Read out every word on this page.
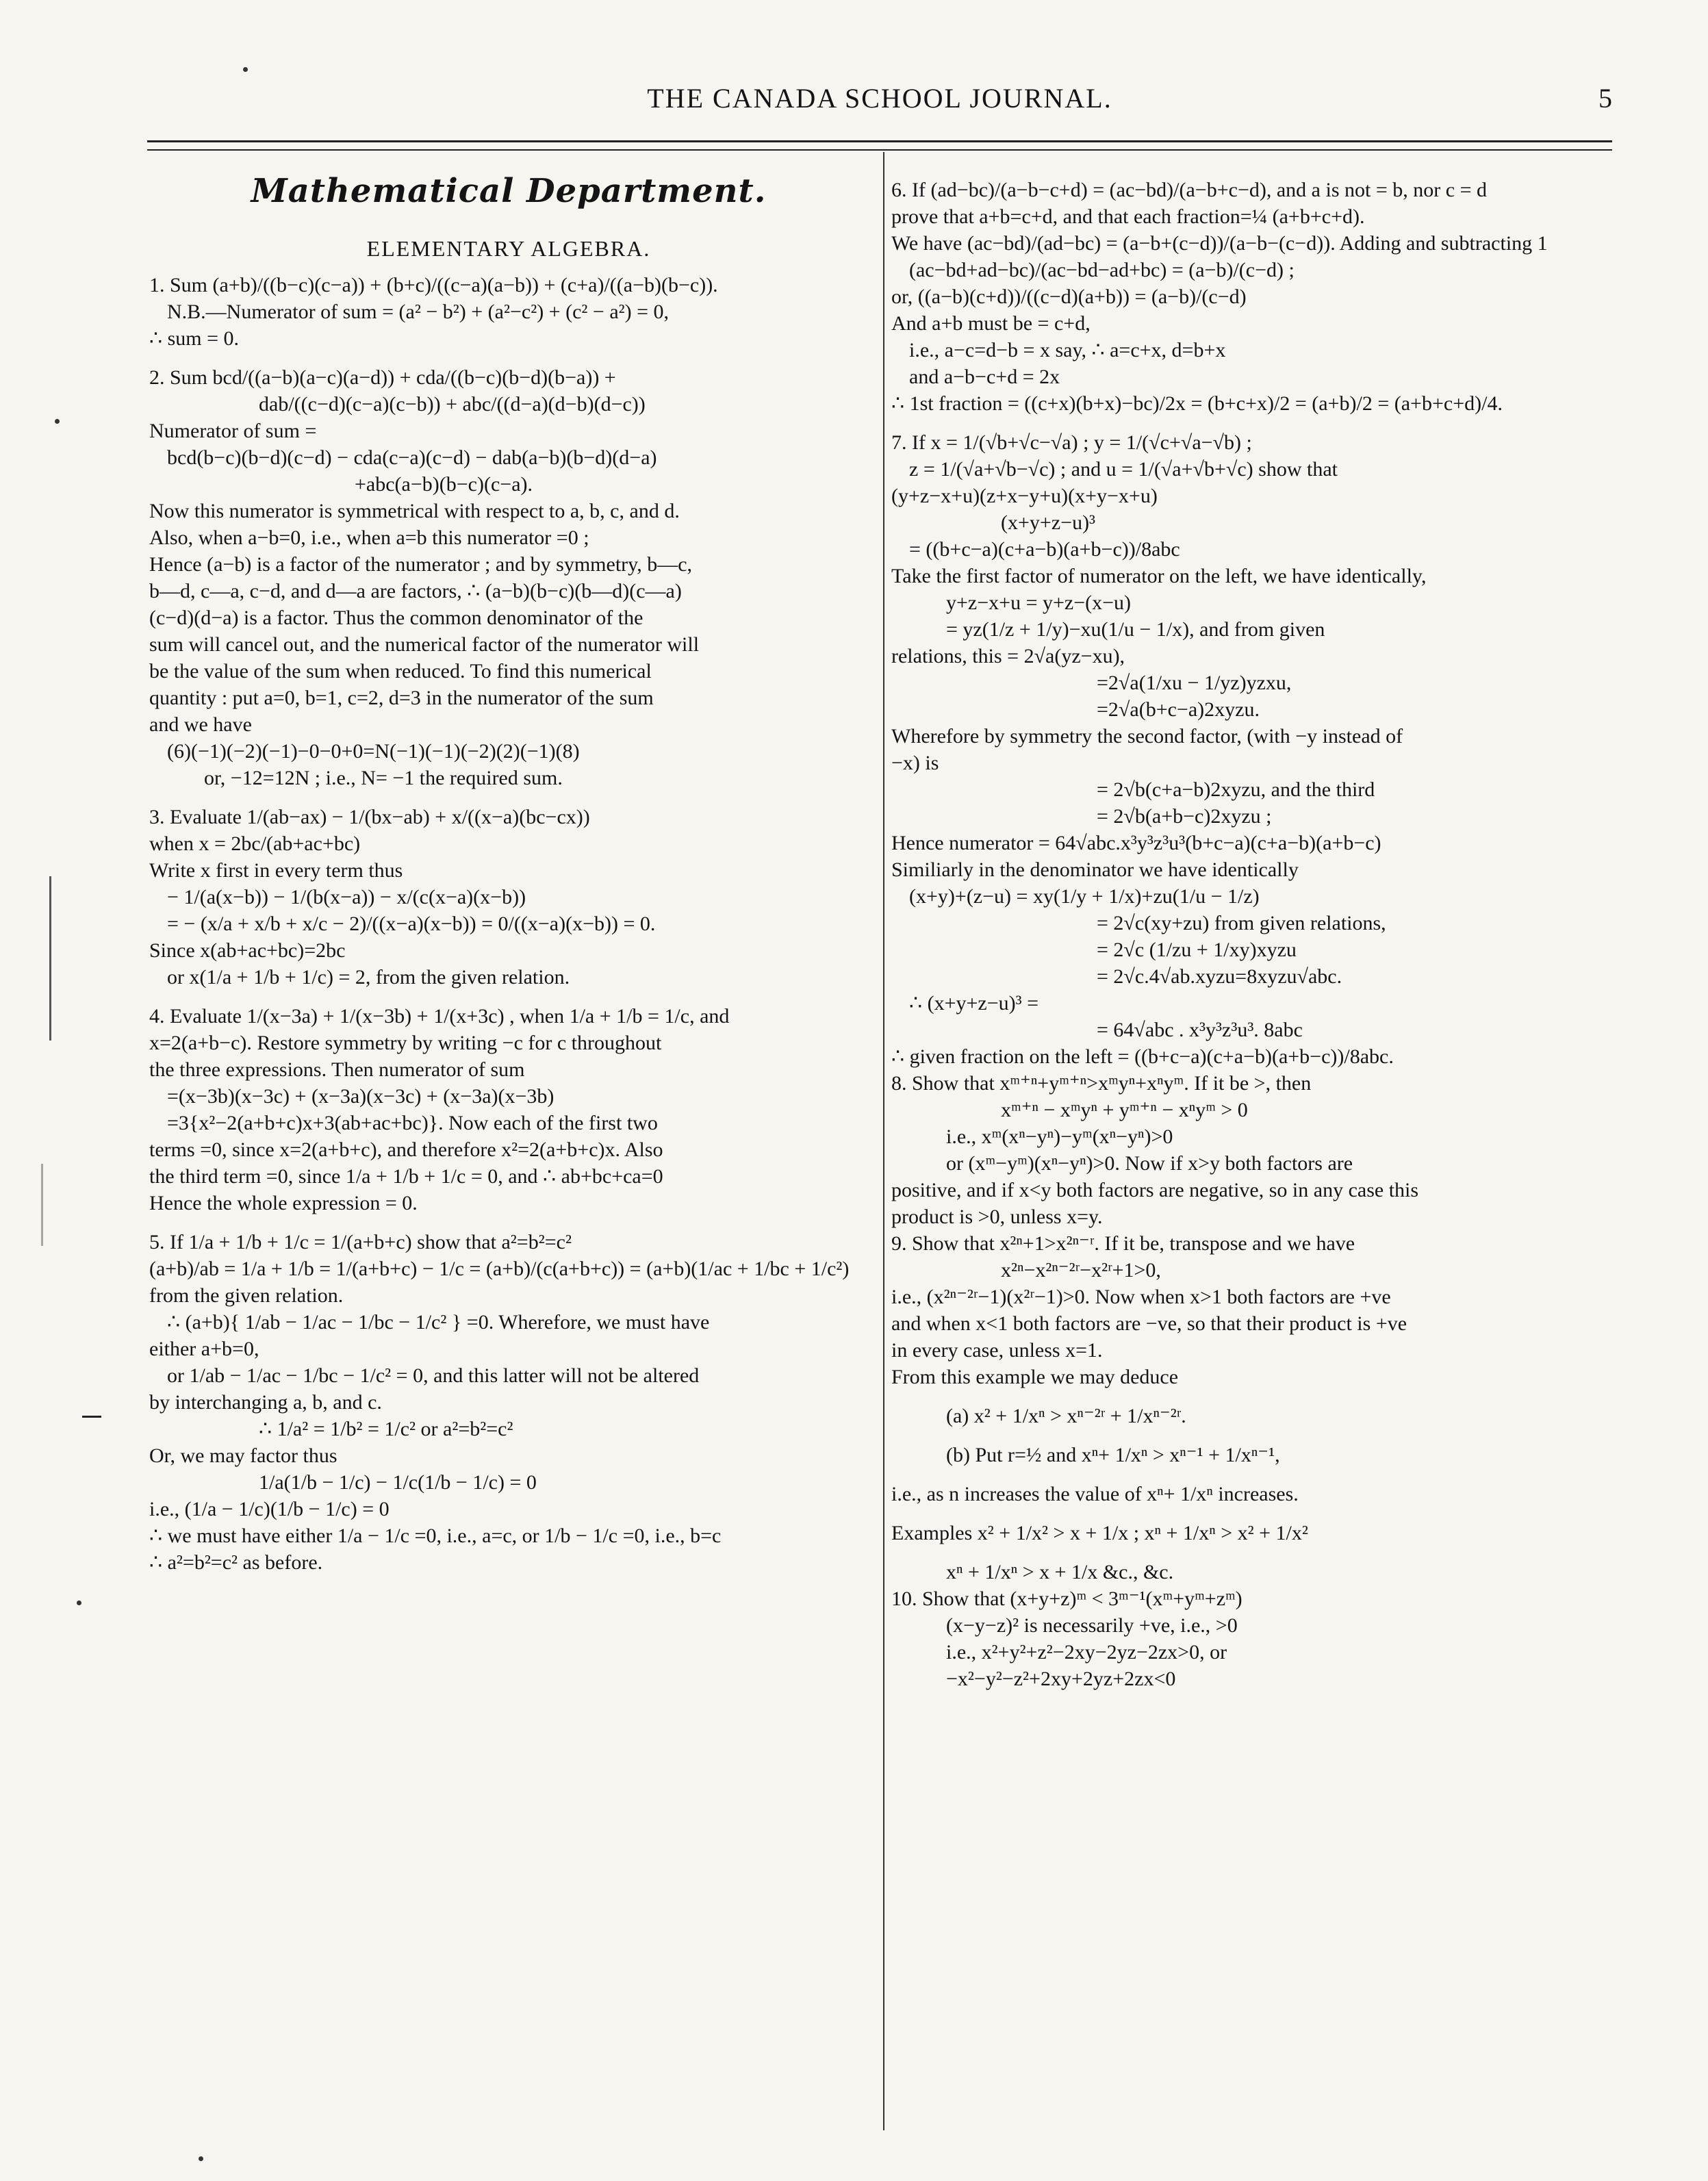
THE CANADA SCHOOL JOURNAL.	5
Mathematical Department.
ELEMENTARY ALGEBRA.
1. Sum (a+b)/((b−c)(c−a)) + (b+c)/((c−a)(a−b)) + (c+a)/((a−b)(b−c)).
N.B.—Numerator of sum = (a² − b²) + (a²−c²) + (c² − a²) = 0,
∴ sum = 0.
2. Sum bcd/((a−b)(a−c)(a−d)) + cda/((b−c)(b−d)(b−a)) +
dab/((c−d)(c−a)(c−b)) + abc/((d−a)(d−b)(d−c))
Numerator of sum =
bcd(b−c)(b−d)(c−d) − cda(c−a)(c−d) − dab(a−b)(b−d)(d−a)
+abc(a−b)(b−c)(c−a).
Now this numerator is symmetrical with respect to a, b, c, and d.
Also, when a−b=0, i.e., when a=b this numerator =0 ;
Hence (a−b) is a factor of the numerator ; and by symmetry, b—c,
b—d, c—a, c−d, and d—a are factors, ∴ (a−b)(b−c)(b—d)(c—a)
(c−d)(d−a) is a factor. Thus the common denominator of the
sum will cancel out, and the numerical factor of the numerator will
be the value of the sum when reduced. To find this numerical
quantity : put a=0, b=1, c=2, d=3 in the numerator of the sum
and we have
(6)(−1)(−2)(−1)−0−0+0=N(−1)(−1)(−2)(2)(−1)(8)
or, −12=12N ; i.e., N= −1 the required sum.
3. Evaluate 1/(ab−ax) − 1/(bx−ab) + x/((x−a)(bc−cx))
when x = 2bc/(ab+ac+bc)
Write x first in every term thus
− 1/(a(x−b)) − 1/(b(x−a)) − x/(c(x−a)(x−b))
= − (x/a + x/b + x/c − 2)/((x−a)(x−b)) = 0/((x−a)(x−b)) = 0.
Since x(ab+ac+bc)=2bc
or x(1/a + 1/b + 1/c) = 2, from the given relation.
4. Evaluate 1/(x−3a) + 1/(x−3b) + 1/(x+3c) , when 1/a + 1/b = 1/c, and
x=2(a+b−c). Restore symmetry by writing −c for c throughout
the three expressions. Then numerator of sum
=(x−3b)(x−3c) + (x−3a)(x−3c) + (x−3a)(x−3b)
=3{x²−2(a+b+c)x+3(ab+ac+bc)}. Now each of the first two
terms =0, since x=2(a+b+c), and therefore x²=2(a+b+c)x. Also
the third term =0, since 1/a + 1/b + 1/c = 0, and ∴ ab+bc+ca=0
Hence the whole expression = 0.
5. If 1/a + 1/b + 1/c = 1/(a+b+c) show that a²=b²=c²
(a+b)/ab = 1/a + 1/b = 1/(a+b+c) − 1/c = (a+b)/(c(a+b+c)) = (a+b)(1/ac + 1/bc + 1/c²)
from the given relation.
∴ (a+b){ 1/ab − 1/ac − 1/bc − 1/c² } =0. Wherefore, we must have
either a+b=0,
or 1/ab − 1/ac − 1/bc − 1/c² = 0, and this latter will not be altered
by interchanging a, b, and c.
∴ 1/a² = 1/b² = 1/c² or a²=b²=c²
Or, we may factor thus
1/a(1/b − 1/c) − 1/c(1/b − 1/c) = 0
i.e., (1/a − 1/c)(1/b − 1/c) = 0
∴ we must have either 1/a − 1/c =0, i.e., a=c, or 1/b − 1/c =0, i.e., b=c
∴ a²=b²=c² as before.
6. If (ad−bc)/(a−b−c+d) = (ac−bd)/(a−b+c−d), and a is not = b, nor c = d
prove that a+b=c+d, and that each fraction=¼ (a+b+c+d).
We have (ac−bd)/(ad−bc) = (a−b+(c−d))/(a−b−(c−d)). Adding and subtracting 1
(ac−bd+ad−bc)/(ac−bd−ad+bc) = (a−b)/(c−d) ;
or, ((a−b)(c+d))/((c−d)(a+b)) = (a−b)/(c−d)
And a+b must be = c+d,
i.e., a−c=d−b = x say, ∴ a=c+x, d=b+x
and a−b−c+d = 2x
∴ 1st fraction = ((c+x)(b+x)−bc)/2x = (b+c+x)/2 = (a+b)/2 = (a+b+c+d)/4.
7. If x = 1/(√b+√c−√a) ; y = 1/(√c+√a−√b) ;
z = 1/(√a+√b−√c) ; and u = 1/(√a+√b+√c) show that
(y+z−x+u)(z+x−y+u)(x+y−x+u)
(x+y+z−u)³
= ((b+c−a)(c+a−b)(a+b−c))/8abc
Take the first factor of numerator on the left, we have identically,
y+z−x+u = y+z−(x−u)
= yz(1/z + 1/y)−xu(1/u − 1/x), and from given
relations, this = 2√a(yz−xu),
=2√a(1/xu − 1/yz)yzxu,
=2√a(b+c−a)2xyzu.
Wherefore by symmetry the second factor, (with −y instead of
−x) is
= 2√b(c+a−b)2xyzu, and the third
= 2√b(a+b−c)2xyzu ;
Hence numerator = 64√abc.x³y³z³u³(b+c−a)(c+a−b)(a+b−c)
Similiarly in the denominator we have identically
(x+y)+(z−u) = xy(1/y + 1/x)+zu(1/u − 1/z)
= 2√c(xy+zu) from given relations,
= 2√c (1/zu + 1/xy)xyzu
= 2√c.4√ab.xyzu=8xyzu√abc.
∴ (x+y+z−u)³ =
= 64√abc . x³y³z³u³. 8abc
∴ given fraction on the left = ((b+c−a)(c+a−b)(a+b−c))/8abc.
8. Show that xᵐ⁺ⁿ+yᵐ⁺ⁿ>xᵐyⁿ+xⁿyᵐ. If it be >, then
xᵐ⁺ⁿ − xᵐyⁿ + yᵐ⁺ⁿ − xⁿyᵐ > 0
i.e., xᵐ(xⁿ−yⁿ)−yᵐ(xⁿ−yⁿ)>0
or (xᵐ−yᵐ)(xⁿ−yⁿ)>0. Now if x>y both factors are
positive, and if x<y both factors are negative, so in any case this
product is >0, unless x=y.
9. Show that x²ⁿ+1>x²ⁿ⁻ʳ. If it be, transpose and we have
x²ⁿ−x²ⁿ⁻²ʳ−x²ʳ+1>0,
i.e., (x²ⁿ⁻²ʳ−1)(x²ʳ−1)>0. Now when x>1 both factors are +ve
and when x<1 both factors are −ve, so that their product is +ve
in every case, unless x=1.
From this example we may deduce
(a) x² + 1/xⁿ > xⁿ⁻²ʳ + 1/xⁿ⁻²ʳ.
(b) Put r=½ and xⁿ+ 1/xⁿ > xⁿ⁻¹ + 1/xⁿ⁻¹,
i.e., as n increases the value of xⁿ+ 1/xⁿ increases.
Examples x² + 1/x² > x + 1/x ; xⁿ + 1/xⁿ > x² + 1/x²
xⁿ + 1/xⁿ > x + 1/x &c., &c.
10. Show that (x+y+z)ᵐ < 3ᵐ⁻¹(xᵐ+yᵐ+zᵐ)
(x−y−z)² is necessarily +ve, i.e., >0
i.e., x²+y²+z²−2xy−2yz−2zx>0, or
−x²−y²−z²+2xy+2yz+2zx<0
